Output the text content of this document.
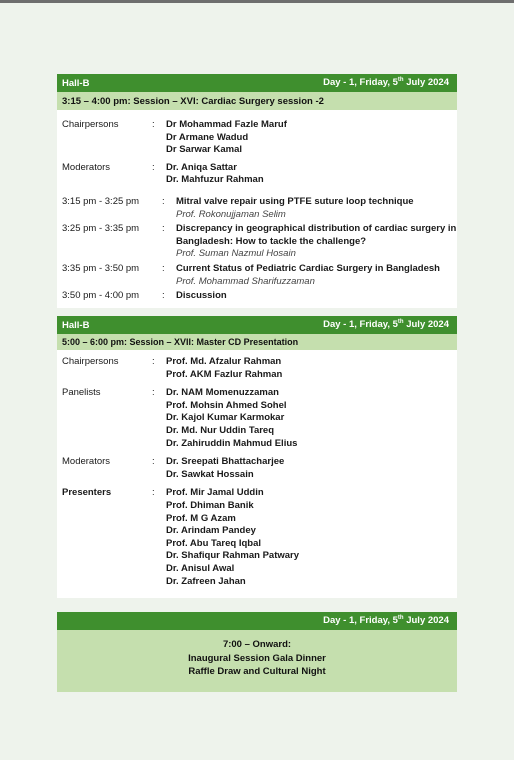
Hall-B	Day - 1, Friday, 5th July 2024
3:15 – 4:00 pm: Session – XVI: Cardiac Surgery session -2
Chairpersons	:	Dr Mohammad Fazle Maruf
Dr Armane Wadud
Dr Sarwar Kamal
Moderators	:	Dr. Aniqa Sattar
Dr. Mahfuzur Rahman
3:15 pm - 3:25 pm	:	Mitral valve repair using PTFE suture loop technique
Prof. Rokonujjaman Selim
3:25 pm - 3:35 pm	:	Discrepancy in geographical distribution of cardiac surgery in Bangladesh: How to tackle the challenge?
Prof. Suman Nazmul Hosain
3:35 pm - 3:50 pm	:	Current Status of Pediatric Cardiac Surgery in Bangladesh
Prof. Mohammad Sharifuzzaman
3:50 pm - 4:00 pm	:	Discussion
Hall-B	Day - 1, Friday, 5th July 2024
5:00 – 6:00 pm: Session – XVII: Master CD Presentation
Chairpersons	:	Prof. Md. Afzalur Rahman
Prof. AKM Fazlur Rahman
Panelists	:	Dr. NAM Momenuzzaman
Prof. Mohsin Ahmed Sohel
Dr. Kajol Kumar Karmokar
Dr. Md. Nur Uddin Tareq
Dr. Zahiruddin Mahmud Elius
Moderators	:	Dr. Sreepati Bhattacharjee
Dr. Sawkat Hossain
Presenters	:	Prof. Mir Jamal Uddin
Prof. Dhiman Banik
Prof. M G Azam
Dr. Arindam Pandey
Prof. Abu Tareq Iqbal
Dr. Shafiqur Rahman Patwary
Dr. Anisul Awal
Dr. Zafreen Jahan
Day - 1, Friday, 5th July 2024
7:00 – Onward:
Inaugural Session Gala Dinner
Raffle Draw and Cultural Night
